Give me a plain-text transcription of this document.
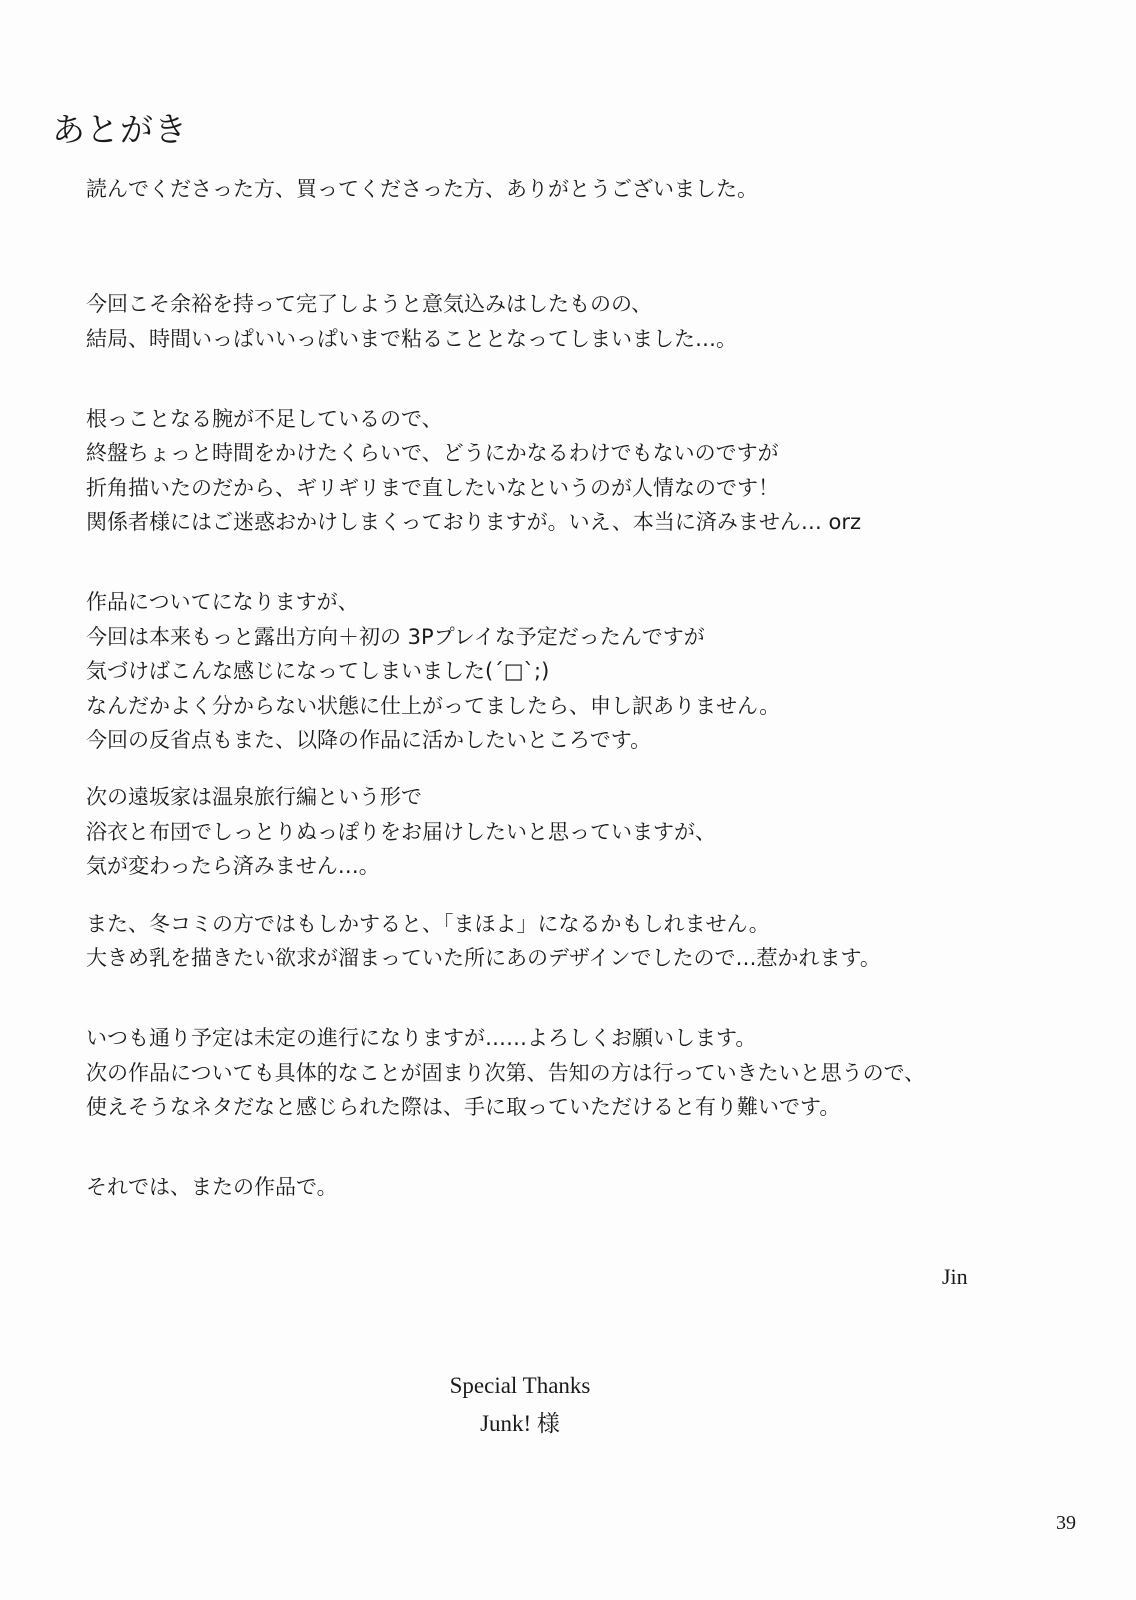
あとがき
読んでくださった方、買ってくださった方、ありがとうございました。
今回こそ余裕を持って完了しようと意気込みはしたものの、
結局、時間いっぱいいっぱいまで粘ることとなってしまいました…。
根っことなる腕が不足しているので、
終盤ちょっと時間をかけたくらいで、どうにかなるわけでもないのですが
折角描いたのだから、ギリギリまで直したいなというのが人情なのです！
関係者様にはご迷惑おかけしまくっておりますが。いえ、本当に済みません… orz
作品についてになりますが、
今回は本来もっと露出方向＋初の 3Pプレイな予定だったんですが
気づけばこんな感じになってしまいました(´□`;)
なんだかよく分からない状態に仕上がってましたら、申し訳ありません。
今回の反省点もまた、以降の作品に活かしたいところです。
次の遠坂家は温泉旅行編という形で
浴衣と布団でしっとりぬっぽりをお届けしたいと思っていますが、
気が変わったら済みません…。
また、冬コミの方ではもしかすると、「まほよ」になるかもしれません。
大きめ乳を描きたい欲求が溜まっていた所にあのデザインでしたので…惹かれます。
いつも通り予定は未定の進行になりますが……よろしくお願いします。
次の作品についても具体的なことが固まり次第、告知の方は行っていきたいと思うので、
使えそうなネタだなと感じられた際は、手に取っていただけると有り難いです。
それでは、またの作品で。
Jin
Special Thanks
Junk! 様
39
